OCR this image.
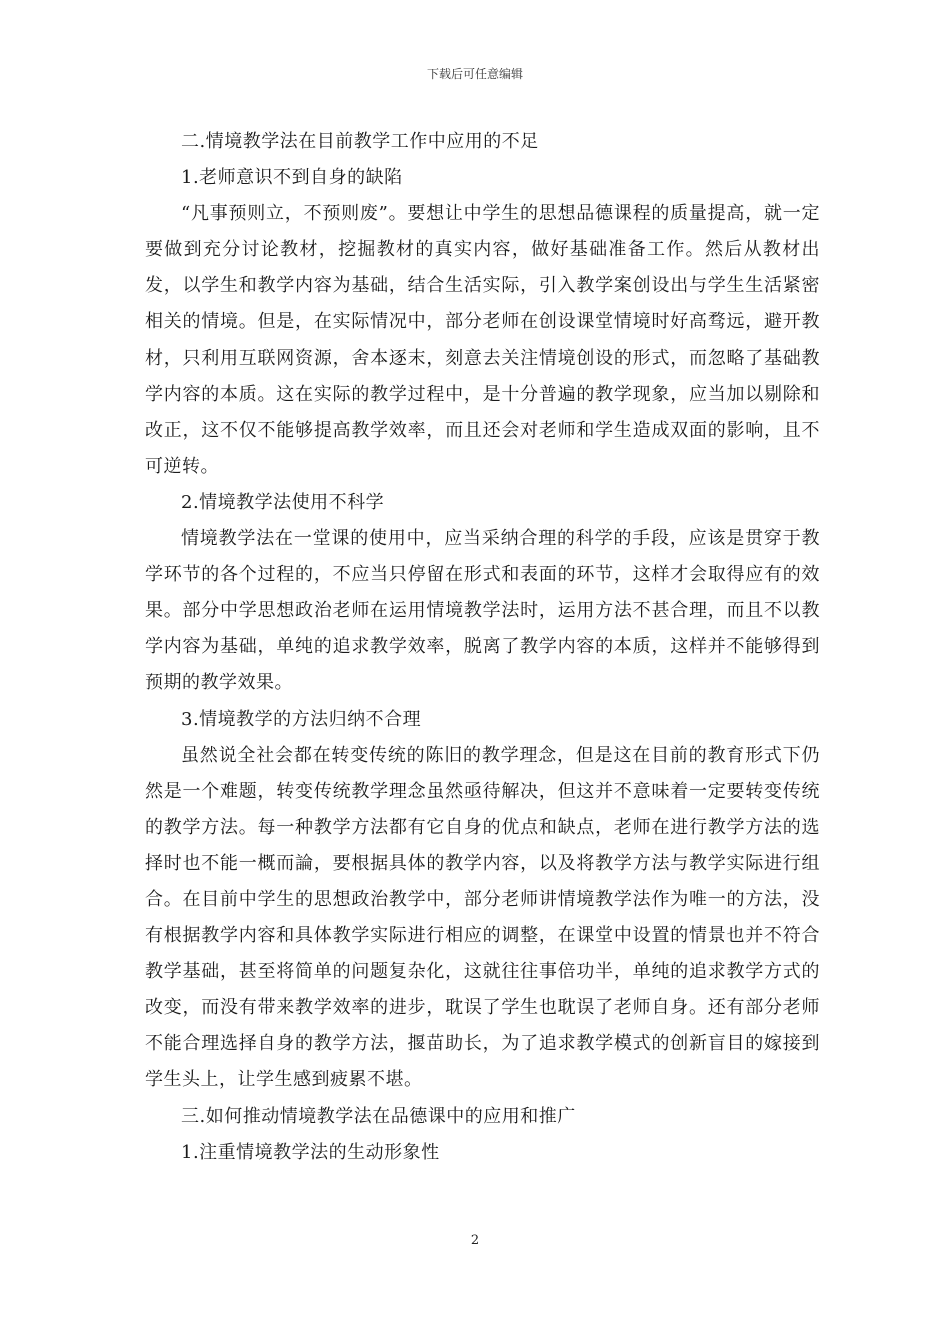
下载后可任意编辑

二.情境教学法在目前教学工作中应用的不足

1.老师意识不到自身的缺陷

“凡事预则立，不预则废”。要想让中学生的思想品德课程的质量提高，就一定要做到充分讨论教材，挖掘教材的真实内容，做好基础准备工作。然后从教材出发，以学生和教学内容为基础，结合生活实际，引入教学案创设出与学生生活紧密相关的情境。但是，在实际情况中，部分老师在创设课堂情境时好高骛远，避开教材，只利用互联网资源，舍本逐末，刻意去关注情境创设的形式，而忽略了基础教学内容的本质。这在实际的教学过程中，是十分普遍的教学现象，应当加以剔除和改正，这不仅不能够提高教学效率，而且还会对老师和学生造成双面的影响，且不可逆转。

2.情境教学法使用不科学

情境教学法在一堂课的使用中，应当采纳合理的科学的手段，应该是贯穿于教学环节的各个过程的，不应当只停留在形式和表面的环节，这样才会取得应有的效果。部分中学思想政治老师在运用情境教学法时，运用方法不甚合理，而且不以教学内容为基础，单纯的追求教学效率，脱离了教学内容的本质，这样并不能够得到预期的教学效果。

3.情境教学的方法归纳不合理

虽然说全社会都在转变传统的陈旧的教学理念，但是这在目前的教育形式下仍然是一个难题，转变传统教学理念虽然亟待解决，但这并不意味着一定要转变传统的教学方法。每一种教学方法都有它自身的优点和缺点，老师在进行教学方法的选择时也不能一概而論，要根据具体的教学内容，以及将教学方法与教学实际进行组合。在目前中学生的思想政治教学中，部分老师讲情境教学法作为唯一的方法，没有根据教学内容和具体教学实际进行相应的调整，在课堂中设置的情景也并不符合教学基础，甚至将简单的问题复杂化，这就往往事倍功半，单纯的追求教学方式的改变，而没有带来教学效率的进步，耽误了学生也耽误了老师自身。还有部分老师不能合理选择自身的教学方法，揠苗助长，为了追求教学模式的创新盲目的嫁接到学生头上，让学生感到疲累不堪。

三.如何推动情境教学法在品德课中的应用和推广

1.注重情境教学法的生动形象性

2
